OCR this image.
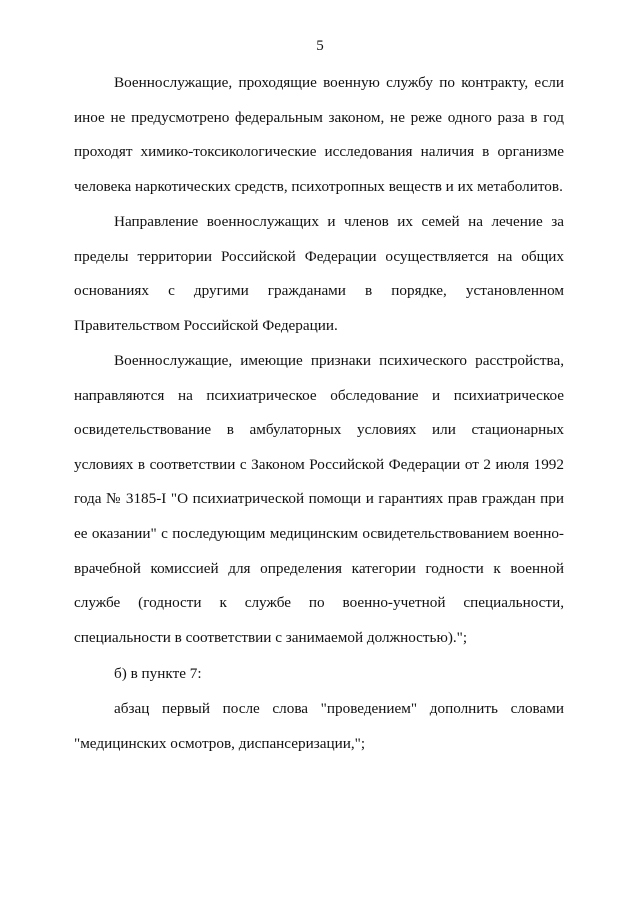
5
Военнослужащие, проходящие военную службу по контракту, если
иное не предусмотрено федеральным законом, не реже одного раза в год
проходят химико-токсикологические исследования наличия в организме
человека наркотических средств, психотропных веществ и их метаболитов.
Направление военнослужащих и членов их семей на лечение за
пределы территории Российской Федерации осуществляется на общих
основаниях с другими гражданами в порядке, установленном
Правительством Российской Федерации.
Военнослужащие, имеющие признаки психического расстройства,
направляются на психиатрическое обследование и психиатрическое
освидетельствование в амбулаторных условиях или стационарных
условиях в соответствии с Законом Российской Федерации от 2 июля 1992
года № 3185-I "О психиатрической помощи и гарантиях прав граждан при
ее оказании" с последующим медицинским освидетельствованием военно-
врачебной комиссией для определения категории годности к военной
службе (годности к службе по военно-учетной специальности,
специальности в соответствии с занимаемой должностью).";
б) в пункте 7:
абзац первый после слова "проведением" дополнить словами
"медицинских осмотров, диспансеризации,";
